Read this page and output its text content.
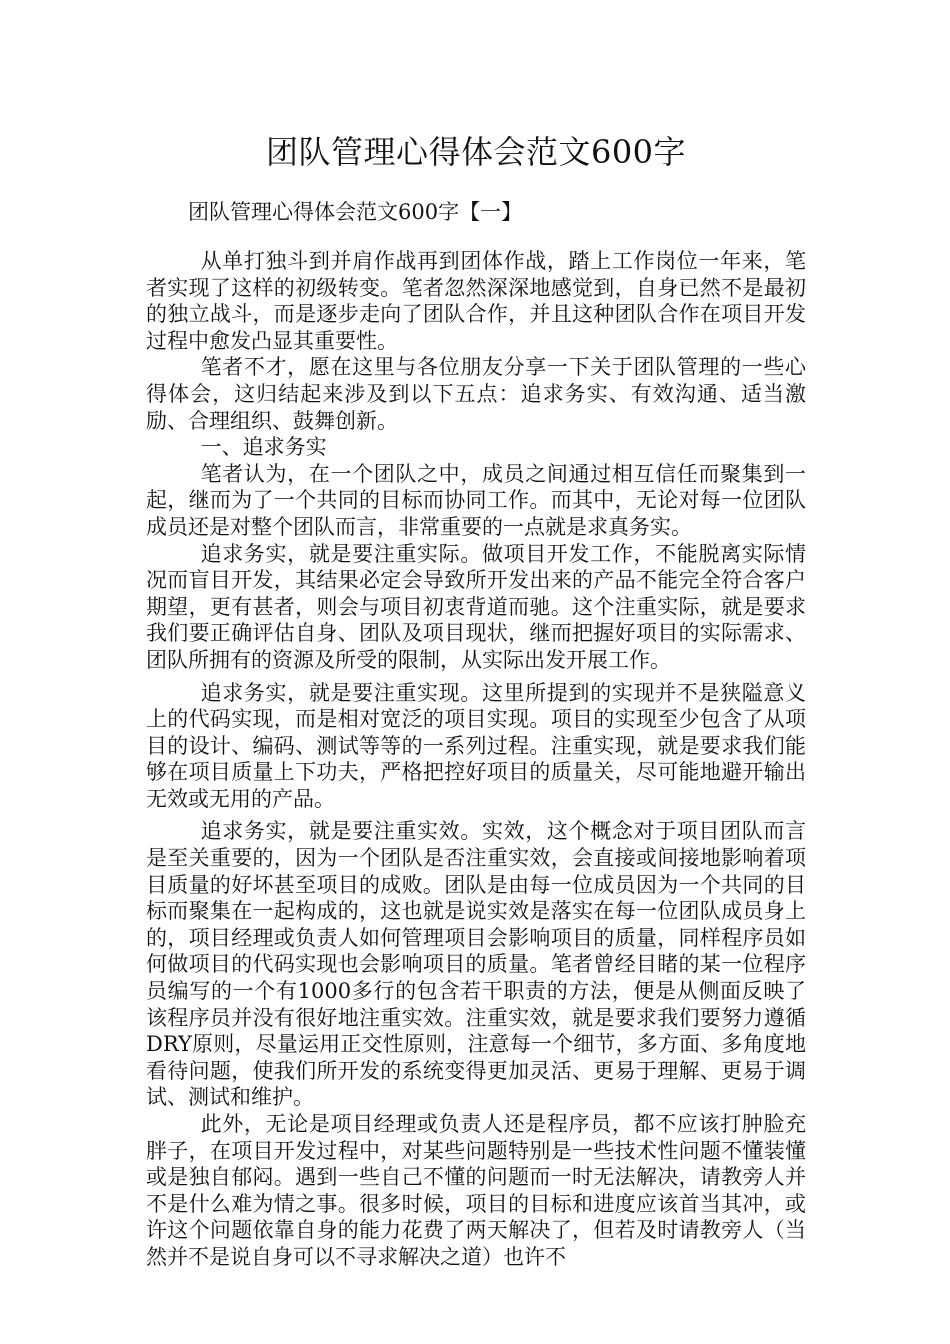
团队管理心得体会范文600字

团队管理心得体会范文600字【一】

从单打独斗到并肩作战再到团体作战，踏上工作岗位一年来，笔者实现了这样的初级转变。笔者忽然深深地感觉到，自身已然不是最初的独立战斗，而是逐步走向了团队合作，并且这种团队合作在项目开发过程中愈发凸显其重要性。

笔者不才，愿在这里与各位朋友分享一下关于团队管理的一些心得体会，这归结起来涉及到以下五点：追求务实、有效沟通、适当激励、合理组织、鼓舞创新。

一、追求务实

笔者认为，在一个团队之中，成员之间通过相互信任而聚集到一起，继而为了一个共同的目标而协同工作。而其中，无论对每一位团队成员还是对整个团队而言，非常重要的一点就是求真务实。

追求务实，就是要注重实际。做项目开发工作，不能脱离实际情况而盲目开发，其结果必定会导致所开发出来的产品不能完全符合客户期望，更有甚者，则会与项目初衷背道而驰。这个注重实际，就是要求我们要正确评估自身、团队及项目现状，继而把握好项目的实际需求、团队所拥有的资源及所受的限制，从实际出发开展工作。

追求务实，就是要注重实现。这里所提到的实现并不是狭隘意义上的代码实现，而是相对宽泛的项目实现。项目的实现至少包含了从项目的设计、编码、测试等等的一系列过程。注重实现，就是要求我们能够在项目质量上下功夫，严格把控好项目的质量关，尽可能地避开输出无效或无用的产品。

追求务实，就是要注重实效。实效，这个概念对于项目团队而言是至关重要的，因为一个团队是否注重实效，会直接或间接地影响着项目质量的好坏甚至项目的成败。团队是由每一位成员因为一个共同的目标而聚集在一起构成的，这也就是说实效是落实在每一位团队成员身上的，项目经理或负责人如何管理项目会影响项目的质量，同样程序员如何做项目的代码实现也会影响项目的质量。笔者曾经目睹的某一位程序员编写的一个有1000多行的包含若干职责的方法，便是从侧面反映了该程序员并没有很好地注重实效。注重实效，就是要求我们要努力遵循DRY原则，尽量运用正交性原则，注意每一个细节，多方面、多角度地看待问题，使我们所开发的系统变得更加灵活、更易于理解、更易于调试、测试和维护。

此外，无论是项目经理或负责人还是程序员，都不应该打肿脸充胖子，在项目开发过程中，对某些问题特别是一些技术性问题不懂装懂或是独自郁闷。遇到一些自己不懂的问题而一时无法解决，请教旁人并不是什么难为情之事。很多时候，项目的目标和进度应该首当其冲，或许这个问题依靠自身的能力花费了两天解决了，但若及时请教旁人（当然并不是说自身可以不寻求解决之道）也许不
